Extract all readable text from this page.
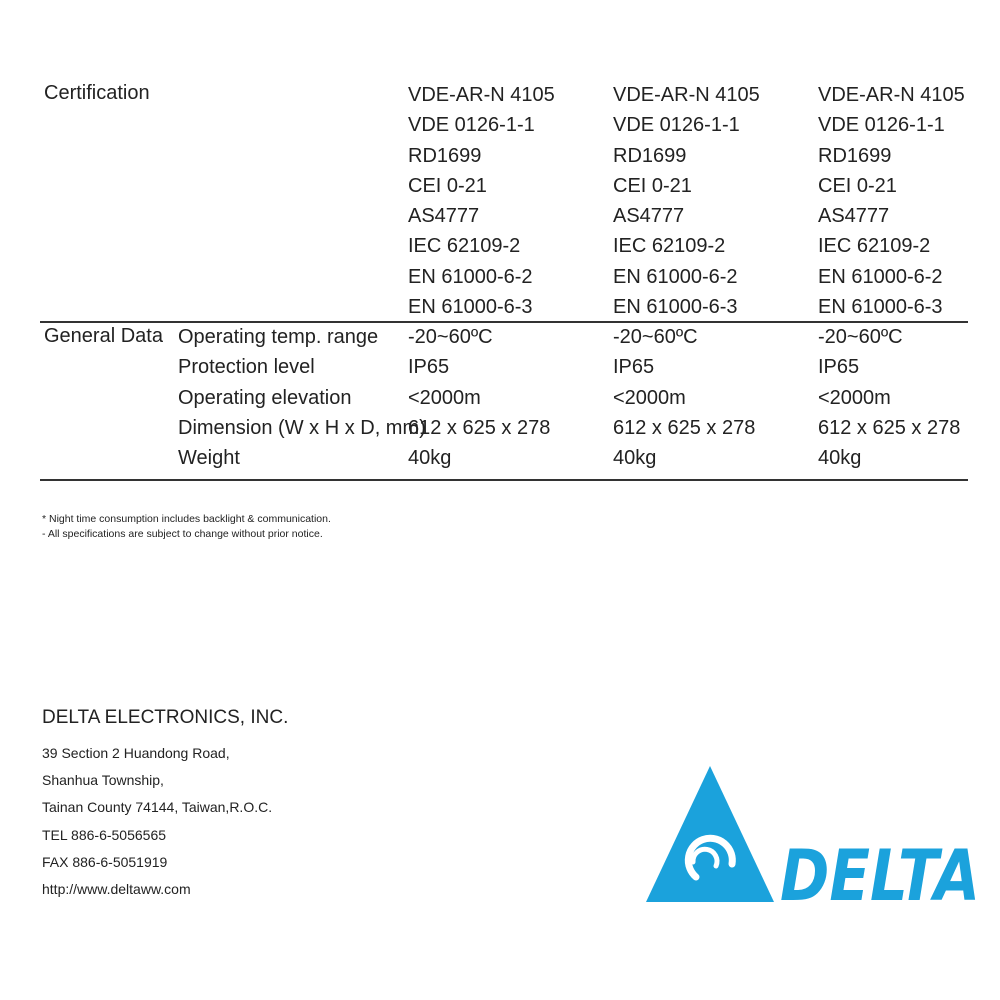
Certification	VDE-AR-N 4105
VDE 0126-1-1
RD1699
CEI 0-21
AS4777
IEC 62109-2
EN 61000-6-2
EN 61000-6-3
VDE-AR-N 4105
VDE 0126-1-1
RD1699
CEI 0-21
AS4777
IEC 62109-2
EN 61000-6-2
EN 61000-6-3
VDE-AR-N 4105
VDE 0126-1-1
RD1699
CEI 0-21
AS4777
IEC 62109-2
EN 61000-6-2
EN 61000-6-3
General Data Operating temp. range
Protection level
Operating elevation
Dimension (W x H x D, mm)
Weight
-20~60ºC
IP65
<2000m
612 x 625 x 278
40kg
-20~60ºC
IP65
<2000m
612 x 625 x 278
40kg
-20~60ºC
IP65
<2000m
612 x 625 x 278
40kg
* Night time consumption includes backlight & communication.
- All specifications are subject to change without prior notice.
DELTA ELECTRONICS, INC.
39 Section 2 Huandong Road,
Shanhua Township,
Tainan County 74144, Taiwan,R.O.C.
TEL 886-6-5056565
FAX 886-6-5051919
http://www.deltaww.com	DELTA
